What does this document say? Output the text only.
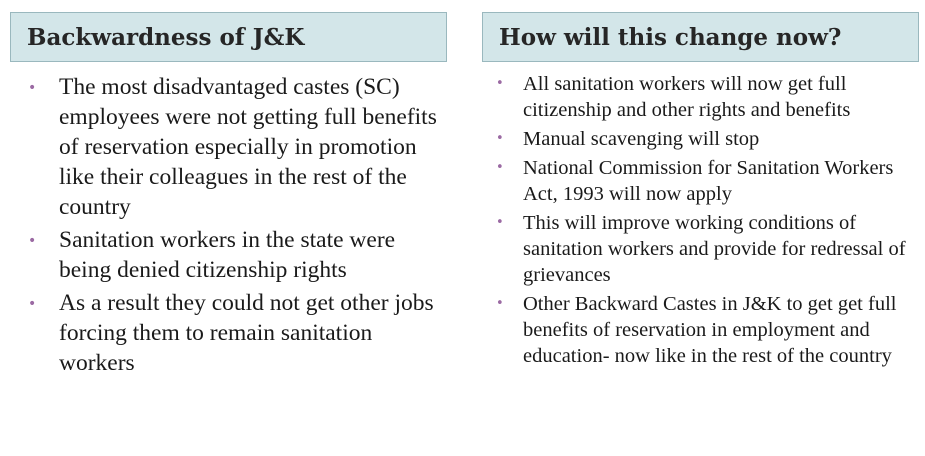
Backwardness of J&K
• The most disadvantaged castes (SC) employees were not getting full benefits of reservation especially in promotion like their colleagues in the rest of the country
• Sanitation workers in the state were being denied citizenship rights
• As a result they could not get other jobs forcing them to remain sanitation workers
How will this change now?
• All sanitation workers will now get full citizenship and other rights and benefits
• Manual scavenging will stop
• National Commission for Sanitation Workers Act, 1993 will now apply
• This will improve working conditions of sanitation workers and provide for redressal of grievances
• Other Backward Castes in J&K to get get full benefits of reservation in employment and education- now like in the rest of the country
